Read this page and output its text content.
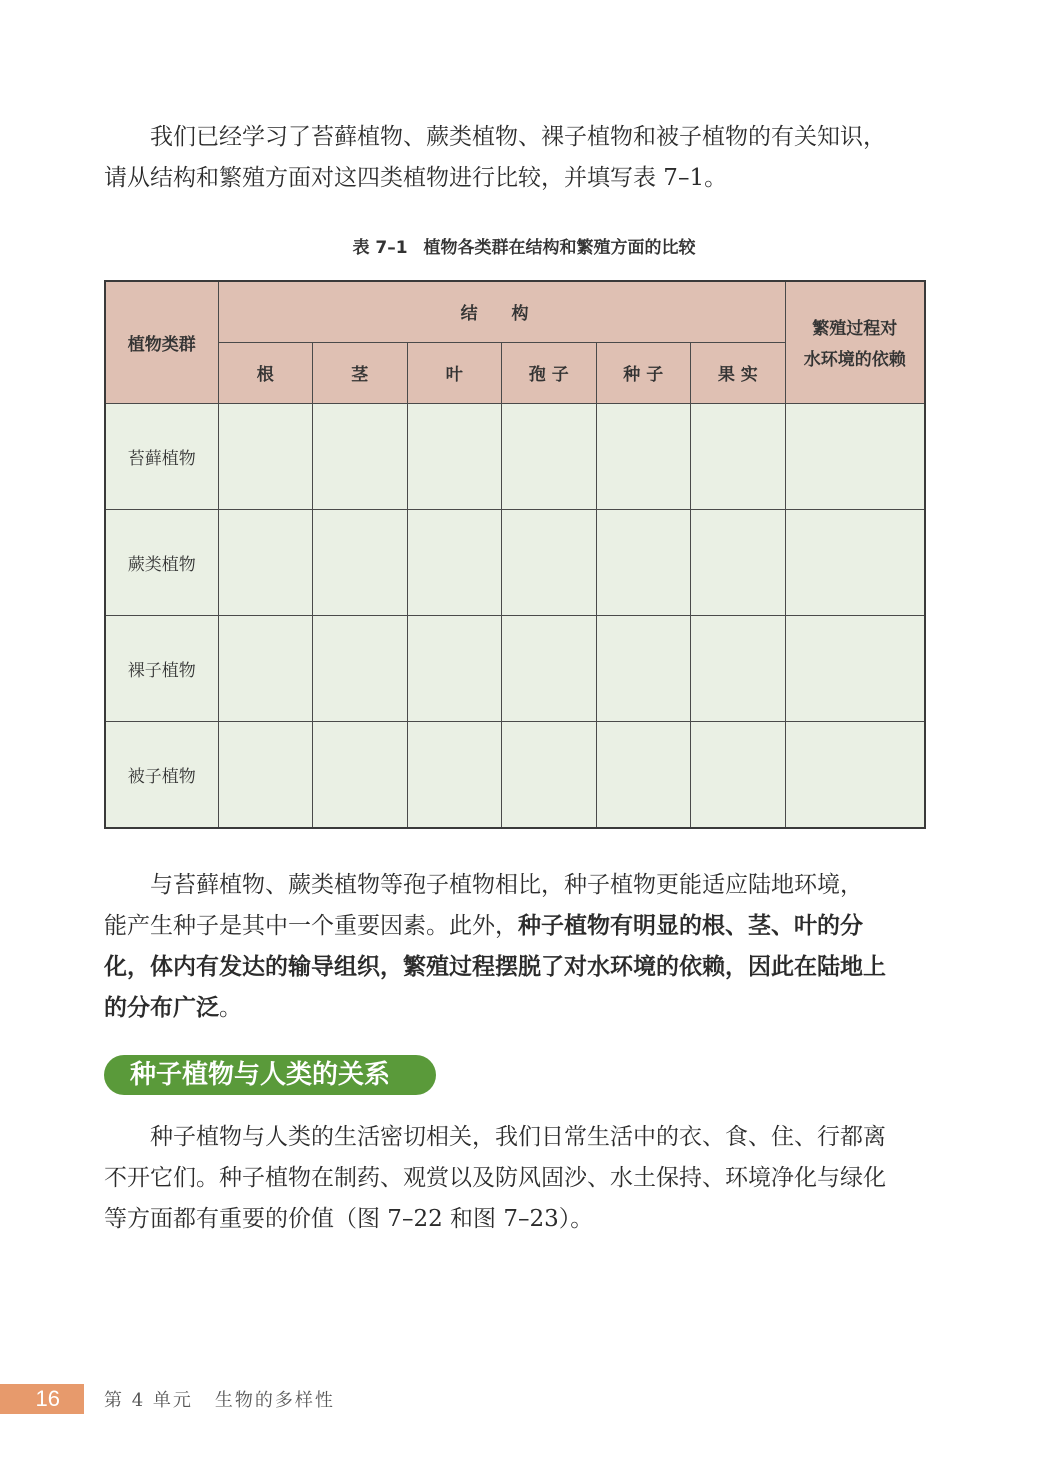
我们已经学习了苔藓植物、蕨类植物、裸子植物和被子植物的有关知识，
请从结构和繁殖方面对这四类植物进行比较，并填写表 7–1。
表 7–1 植物各类群在结构和繁殖方面的比较
植物类群	结 构						繁殖过程对
水环境的依赖

	根	茎	叶	孢 子	种 子	果 实	
苔藓植物							
蕨类植物							
裸子植物							
被子植物							
与苔藓植物、蕨类植物等孢子植物相比，种子植物更能适应陆地环境，
能产生种子是其中一个重要因素。此外，种子植物有明显的根、茎、叶的分
化，体内有发达的输导组织，繁殖过程摆脱了对水环境的依赖，因此在陆地上
的分布广泛。
种子植物与人类的关系
种子植物与人类的生活密切相关，我们日常生活中的衣、食、住、行都离
不开它们。种子植物在制药、观赏以及防风固沙、水土保持、环境净化与绿化
等方面都有重要的价值（图 7–22 和图 7–23）。
16	第 4 单元 生物的多样性
